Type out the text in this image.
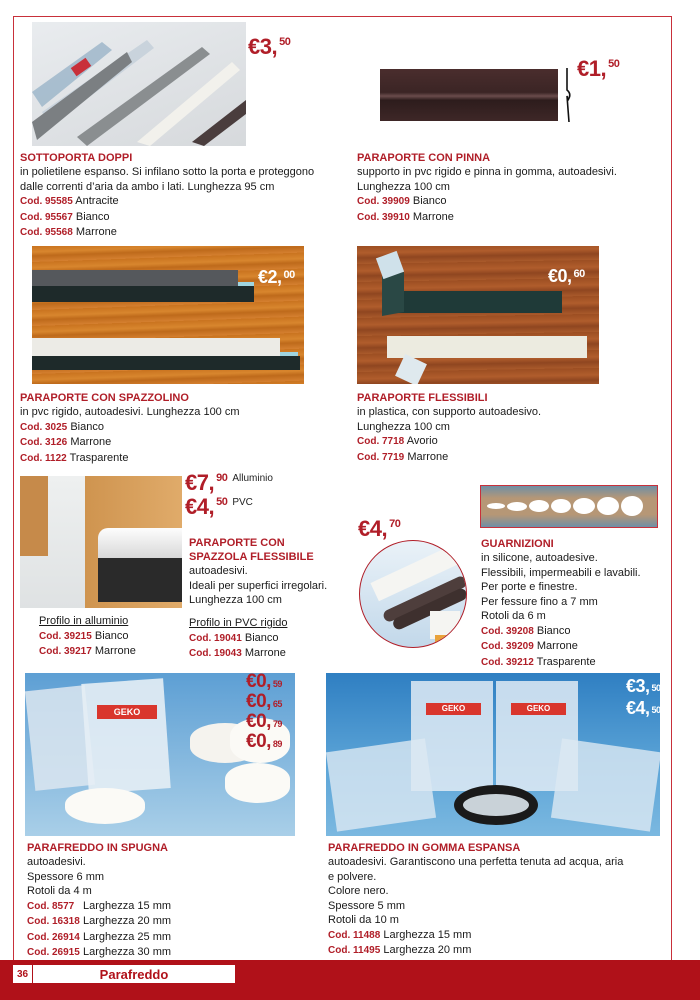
€3, $^{50}$
SOTTOPORTA DOPPI
in polietilene espanso. Si infilano sotto la porta e proteggono
dalle correnti d’aria da ambo i lati. Lunghezza 95 cm
Cod. 95585 Antracite
Cod. 95567 Bianco
Cod. 95568 Marrone
€1, $^{50}$
PARAPORTE CON PINNA
supporto in pvc rigido e pinna in gomma, autoadesivi.
Lunghezza 100 cm
Cod. 39909 Bianco
Cod. 39910 Marrone
€2, $^{00}$
PARAPORTE CON SPAZZOLINO
in pvc rigido, autoadesivi. Lunghezza 100 cm
Cod. 3025 Bianco
Cod. 3126 Marrone
Cod. 1122 Trasparente
€0, $^{60}$
PARAPORTE FLESSIBILI
in plastica, con supporto autoadesivo.
Lunghezza 100 cm
Cod. 7718 Avorio
Cod. 7719 Marrone
€7, $^{90}$ $^{Alluminio}$
€4, $^{50}$ $^{PVC}$
PARAPORTE CON
SPAZZOLA FLESSIBILE
autoadesivi.
Ideali per superfici irregolari.
Lunghezza 100 cm
Profilo in alluminio
Cod. 39215 Bianco
Cod. 39217 Marrone
Profilo in PVC rigido
Cod. 19041 Bianco
Cod. 19043 Marrone
€4, $^{70}$
GUARNIZIONI
in silicone, autoadesive.
Flessibili, impermeabili e lavabili.
Per porte e finestre.
Per fessure fino a 7 mm
Rotoli da 6 m
Cod. 39208 Bianco
Cod. 39209 Marrone
Cod. 39212 Trasparente
GEKO
€0, $^{59}$
€0, $^{65}$
€0, $^{79}$
€0, $^{89}$
PARAFREDDO IN SPUGNA
autoadesivi.
Spessore 6 mm
Rotoli da 4 m
Cod. 8577 Larghezza 15 mm
Cod. 16318 Larghezza 20 mm
Cod. 26914 Larghezza 25 mm
Cod. 26915 Larghezza 30 mm
GEKO	GEKO
€3, $^{50}$
€4, $^{50}$
PARAFREDDO IN GOMMA ESPANSA
autoadesivi. Garantiscono una perfetta tenuta ad acqua, aria
e polvere.
Colore nero.
Spessore 5 mm
Rotoli da 10 m
Cod. 11488 Larghezza 15 mm
Cod. 11495 Larghezza 20 mm
36	Parafreddo
